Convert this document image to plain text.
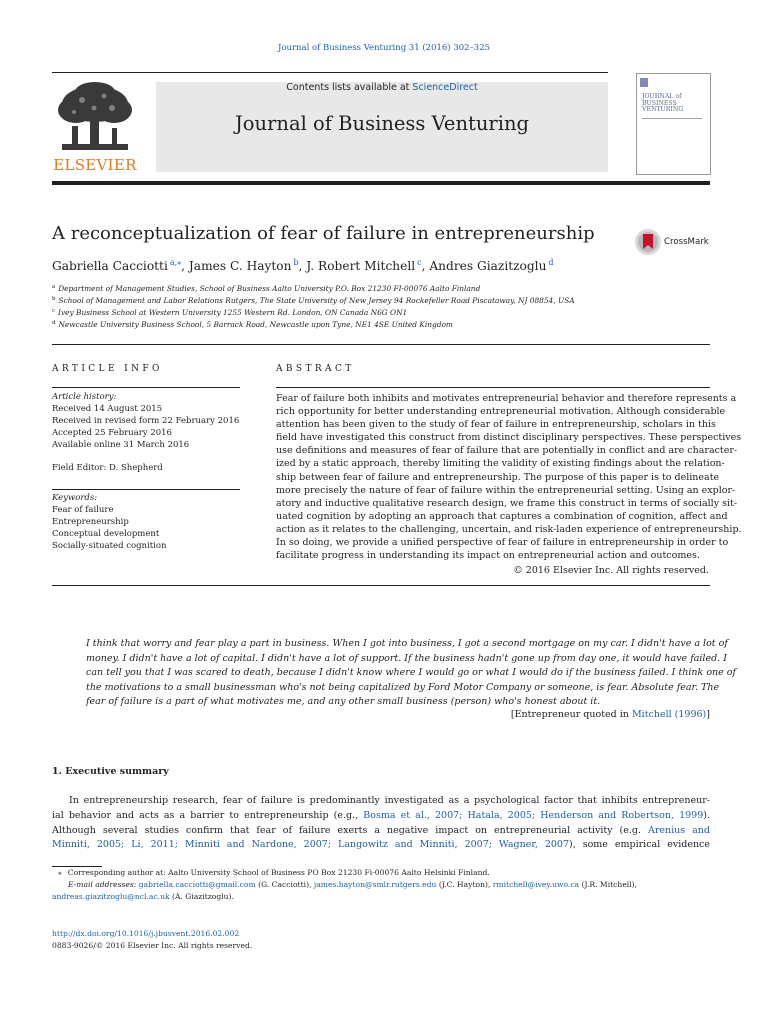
Journal of Business Venturing 31 (2016) 302–325
ELSEVIER
Contents lists available at ScienceDirect
Journal of Business Venturing
JOURNAL of BUSINESS VENTURING
A reconceptualization of fear of failure in entrepreneurship	CrossMark
Gabriella Cacciotti $^{a,⁎}$, James C. Hayton $^b$, J. Robert Mitchell $^c$, Andres Giazitzoglu $^d$
ARTICLE INFO
Article history:
Received 14 August 2015
Received in revised form 22 February 2016
Accepted 25 February 2016
Available online 31 March 2016
Field Editor: D. Shepherd
Keywords:
Fear of failure
Entrepreneurship
Conceptual development
Socially-situated cognition
ABSTRACT
Fear of failure both inhibits and motivates entrepreneurial behavior and therefore represents a
rich opportunity for better understanding entrepreneurial motivation. Although considerable
attention has been given to the study of fear of failure in entrepreneurship, scholars in this
field have investigated this construct from distinct disciplinary perspectives. These perspectives
use definitions and measures of fear of failure that are potentially in conflict and are character-
ized by a static approach, thereby limiting the validity of existing findings about the relation-
ship between fear of failure and entrepreneurship. The purpose of this paper is to delineate
more precisely the nature of fear of failure within the entrepreneurial setting. Using an explor-
atory and inductive qualitative research design, we frame this construct in terms of socially sit-
uated cognition by adopting an approach that captures a combination of cognition, affect and
action as it relates to the challenging, uncertain, and risk-laden experience of entrepreneurship.
In so doing, we provide a unified perspective of fear of failure in entrepreneurship in order to
facilitate progress in understanding its impact on entrepreneurial action and outcomes.
© 2016 Elsevier Inc. All rights reserved.
I think that worry and fear play a part in business. When I got into business, I got a second mortgage on my car. I didn't have a lot of
money. I didn't have a lot of capital. I didn't have a lot of support. If the business hadn't gone up from day one, it would have failed. I
can tell you that I was scared to death, because I didn't know where I would go or what I would do if the business failed. I think one of
the motivations to a small businessman who's not being capitalized by Ford Motor Company or someone, is fear. Absolute fear. The
fear of failure is a part of what motivates me, and any other small business (person) who's honest about it.
[Entrepreneur quoted in Mitchell (1996)]
1. Executive summary
In entrepreneurship research, fear of failure is predominantly investigated as a psychological factor that inhibits entrepreneur-
ial behavior and acts as a barrier to entrepreneurship (e.g., Bosma et al., 2007; Hatala, 2005; Henderson and Robertson, 1999).
Although several studies confirm that fear of failure exerts a negative impact on entrepreneurial activity (e.g. Arenius and
Minniti, 2005; Li, 2011; Minniti and Nardone, 2007; Langowitz and Minniti, 2007; Wagner, 2007), some empirical evidence
⁎ Corresponding author at: Aalto University School of Business PO Box 21230 Fi-00076 Aalto Helsinki Finland.
E-mail addresses: gabriella.cacciotti@gmail.com (G. Cacciotti), james.hayton@smlr.rutgers.edu (J.C. Hayton), rmitchell@ivey.uwo.ca (J.R. Mitchell),
andreas.giazitzoglu@ncl.ac.uk (A. Giazitzoglu).
http://dx.doi.org/10.1016/j.jbusvent.2016.02.002
0883-9026/© 2016 Elsevier Inc. All rights reserved.
$^a$ Department of Management Studies, School of Business Aalto University P.O. Box 21230 FI-00076 Aalto Finland
$^b$ School of Management and Labor Relations Rutgers, The State University of New Jersey 94 Rockefeller Road Piscataway, NJ 08854, USA
$^c$ Ivey Business School at Western University 1255 Western Rd. London, ON Canada N6G ON1
$^d$ Newcastle University Business School, 5 Barrack Road, Newcastle upon Tyne, NE1 4SE United Kingdom
